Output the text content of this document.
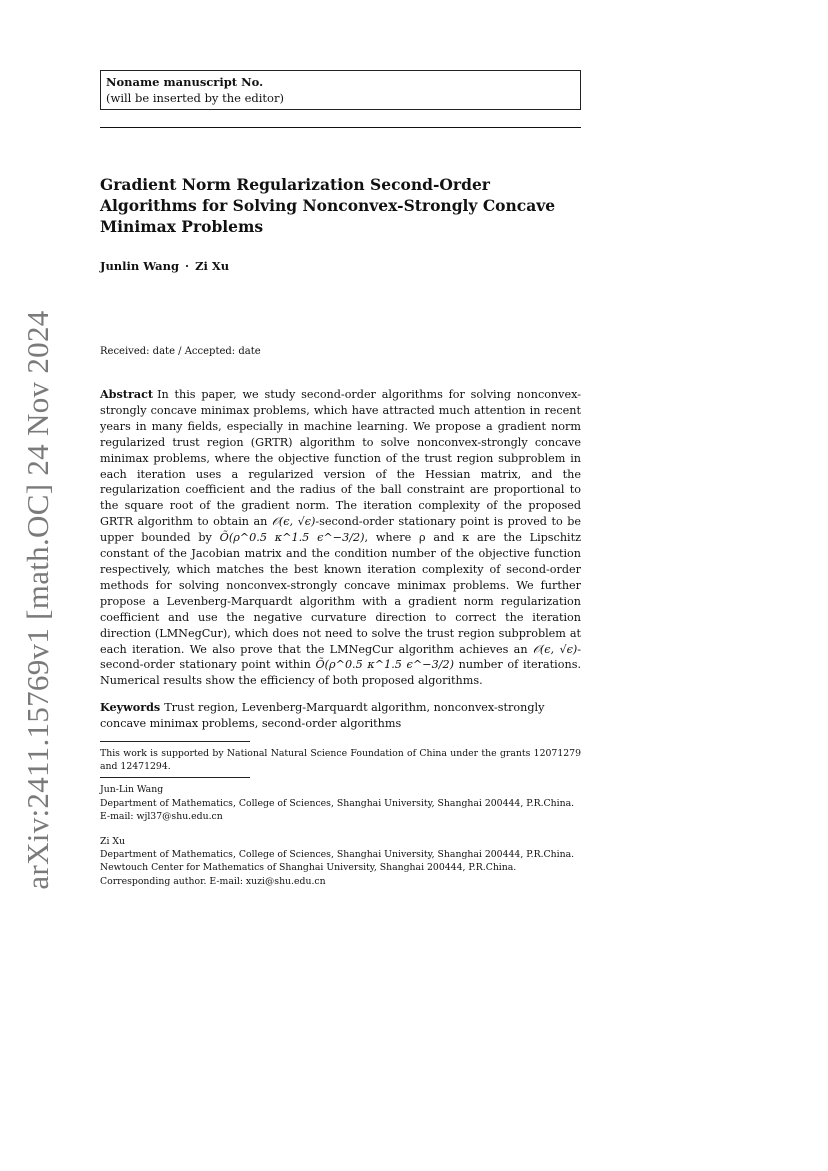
arXiv:2411.15769v1 [math.OC] 24 Nov 2024
Noname manuscript No.
(will be inserted by the editor)
Gradient Norm Regularization Second-Order Algorithms for Solving Nonconvex-Strongly Concave Minimax Problems
Junlin Wang · Zi Xu
Received: date / Accepted: date
Abstract In this paper, we study second-order algorithms for solving nonconvex-strongly concave minimax problems, which have attracted much attention in recent years in many fields, especially in machine learning. We propose a gradient norm regularized trust region (GRTR) algorithm to solve nonconvex-strongly concave minimax problems, where the objective function of the trust region subproblem in each iteration uses a regularized version of the Hessian matrix, and the regularization coefficient and the radius of the ball constraint are proportional to the square root of the gradient norm. The iteration complexity of the proposed GRTR algorithm to obtain an 𝒪(ϵ, √ϵ)-second-order stationary point is proved to be upper bounded by Õ(ρ^0.5 κ^1.5 ϵ^−3/2), where ρ and κ are the Lipschitz constant of the Jacobian matrix and the condition number of the objective function respectively, which matches the best known iteration complexity of second-order methods for solving nonconvex-strongly concave minimax problems. We further propose a Levenberg-Marquardt algorithm with a gradient norm regularization coefficient and use the negative curvature direction to correct the iteration direction (LMNegCur), which does not need to solve the trust region subproblem at each iteration. We also prove that the LMNegCur algorithm achieves an 𝒪(ϵ, √ϵ)-second-order stationary point within Õ(ρ^0.5 κ^1.5 ϵ^−3/2) number of iterations. Numerical results show the efficiency of both proposed algorithms.
Keywords Trust region, Levenberg-Marquardt algorithm, nonconvex-strongly concave minimax problems, second-order algorithms

This work is supported by National Natural Science Foundation of China under the grants 12071279 and 12471294.

Jun-Lin Wang

Department of Mathematics, College of Sciences, Shanghai University, Shanghai 200444, P.R.China.

E-mail: wjl37@shu.edu.cn

Zi Xu

Department of Mathematics, College of Sciences, Shanghai University, Shanghai 200444, P.R.China.

Newtouch Center for Mathematics of Shanghai University, Shanghai 200444, P.R.China.

Corresponding author. E-mail: xuzi@shu.edu.cn
